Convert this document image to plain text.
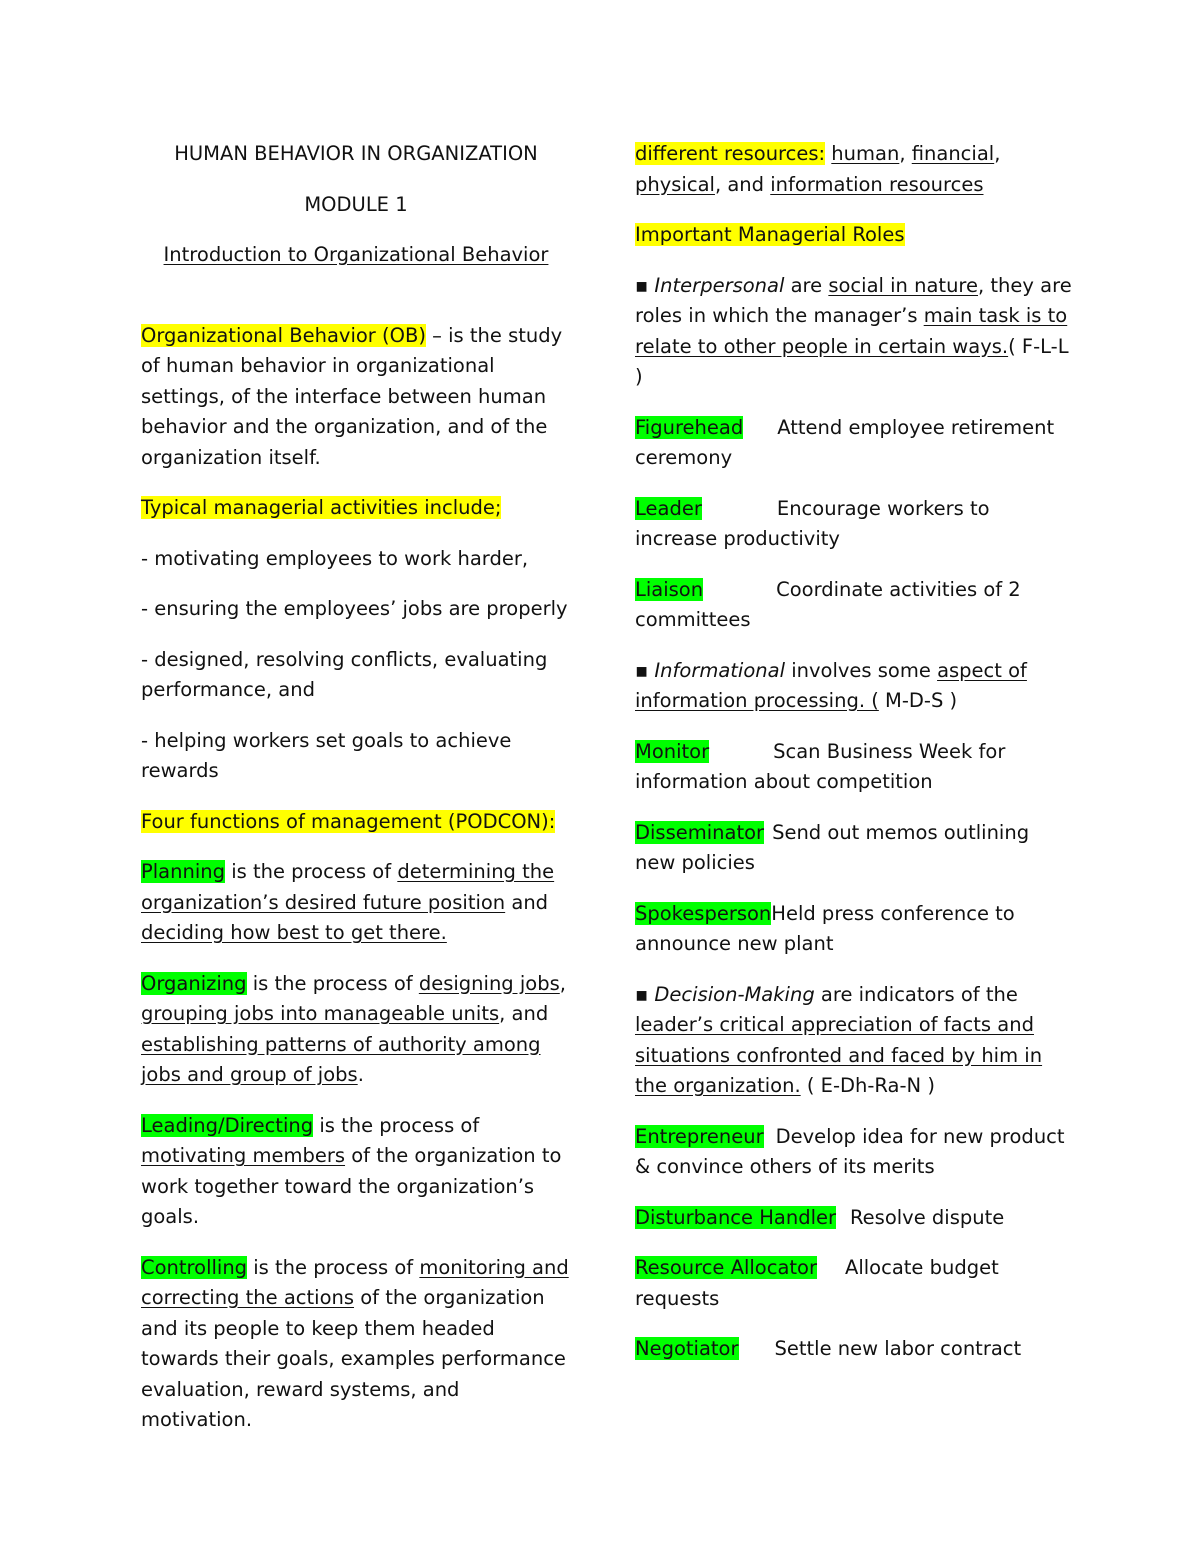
HUMAN BEHAVIOR IN ORGANIZATION

MODULE 1

Introduction to Organizational Behavior

Organizational Behavior (OB) – is the study of human behavior in organizational settings, of the interface between human behavior and the organization, and of the organization itself.

Typical managerial activities include;

- motivating employees to work harder,

- ensuring the employees’ jobs are properly

- designed, resolving conflicts, evaluating performance, and

- helping workers set goals to achieve rewards

Four functions of management (PODCON):

Planning is the process of determining the organization’s desired future position and deciding how best to get there.

Organizing is the process of designing jobs, grouping jobs into manageable units, and establishing patterns of authority among jobs and group of jobs.

Leading/Directing is the process of motivating members of the organization to work together toward the organization’s goals.

Controlling is the process of monitoring and correcting the actions of the organization and its people to keep them headed towards their goals, examples performance evaluation, reward systems, and motivation.

different resources: human, financial, physical, and information resources

Important Managerial Roles

▪ Interpersonal are social in nature, they are roles in which the manager’s main task is to relate to other people in certain ways.( F-L-L )

Figurehead Attend employee retirement ceremony

Leader	Encourage workers to increase productivity

Liaison	Coordinate activities of 2 committees

▪ Informational involves some aspect of information processing. ( M-D-S )

Monitor	Scan Business Week for information about competition

Disseminator Send out memos outlining new policies

SpokespersonHeld press conference to announce new plant

▪ Decision-Making are indicators of the leader’s critical appreciation of facts and situations confronted and faced by him in the organization. ( E-Dh-Ra-N )

Entrepreneur Develop idea for new product & convince others of its merits

Disturbance Handler Resolve dispute

Resource Allocator Allocate budget requests

Negotiator Settle new labor contract
